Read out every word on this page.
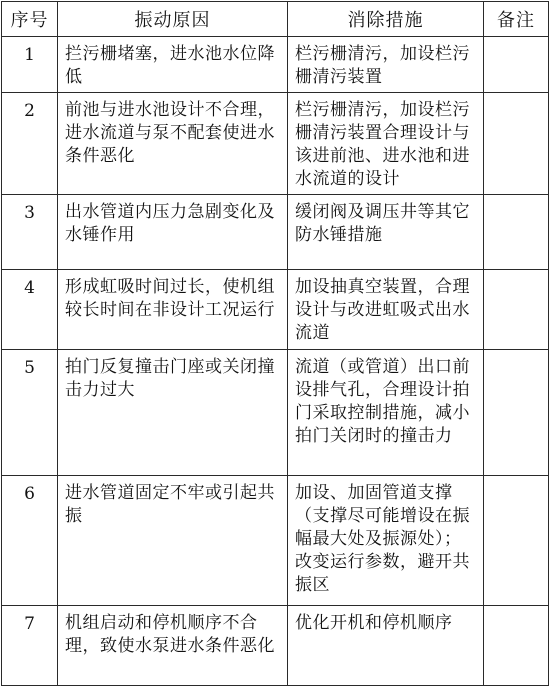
序号	振动原因	消除措施	备注
1	拦污栅堵塞，进水池水位降低	栏污栅清污，加设栏污栅清污装置	
2	前池与进水池设计不合理，进水流道与泵不配套使进水条件恶化	栏污栅清污，加设栏污栅清污装置合理设计与该进前池、进水池和进水流道的设计	
3	出水管道内压力急剧变化及水锤作用	缓闭阀及调压井等其它防水锤措施	
4	形成虹吸时间过长，使机组较长时间在非设计工况运行	加设抽真空装置，合理设计与改进虹吸式出水流道	
5	拍门反复撞击门座或关闭撞击力过大	流道（或管道）出口前设排气孔，合理设计拍门采取控制措施，减小拍门关闭时的撞击力	
6	进水管道固定不牢或引起共振	加设、加固管道支撑（支撑尽可能增设在振幅最大处及振源处）；改变运行参数，避开共振区	
7	机组启动和停机顺序不合理，致使水泵进水条件恶化	优化开机和停机顺序	
